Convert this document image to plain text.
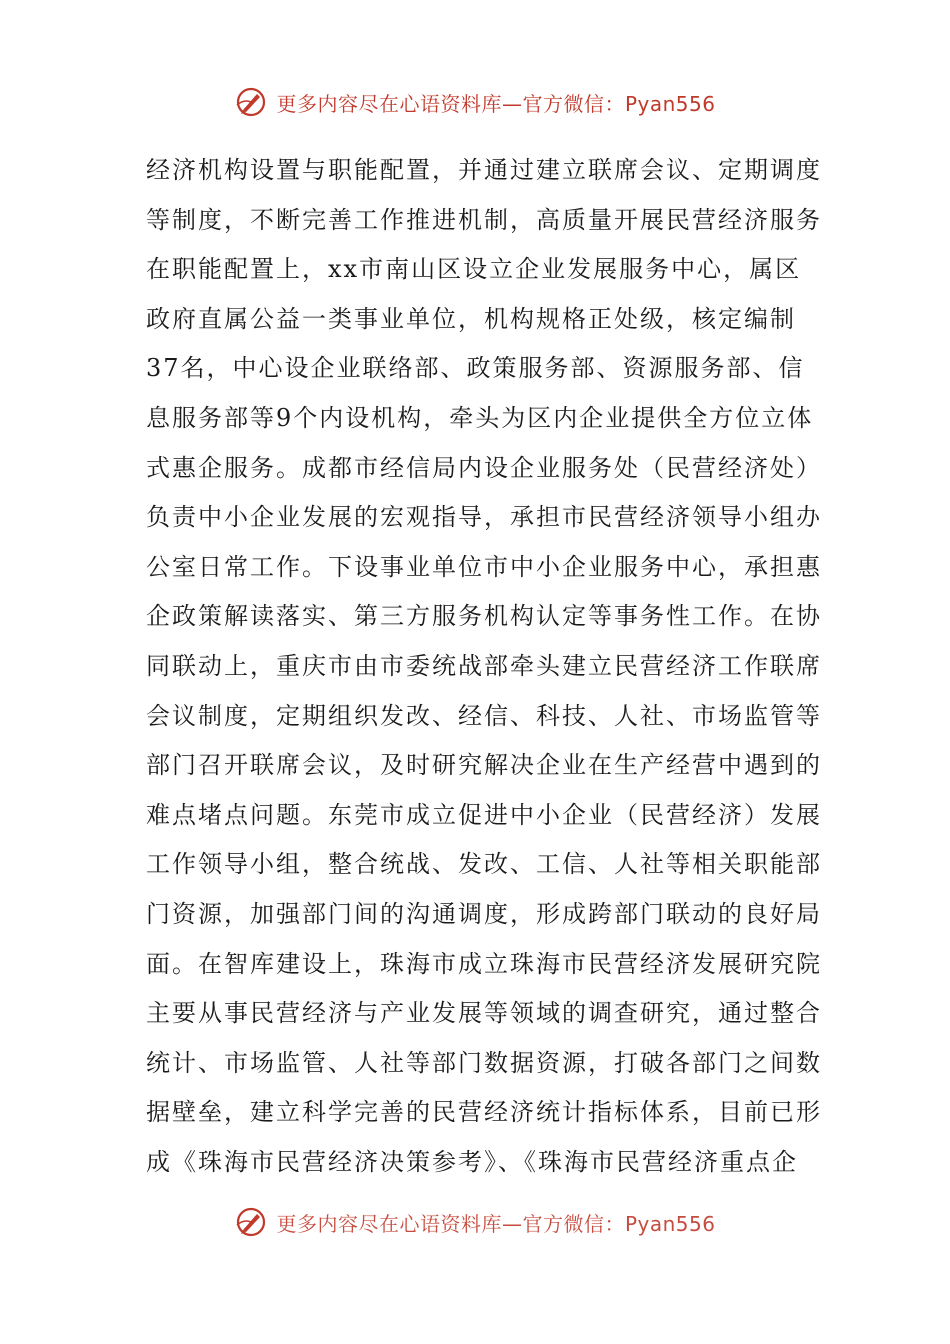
更多内容尽在心语资料库—官方微信：Pyan556
经济机构设置与职能配置，并通过建立联席会议、定期调度
等制度，不断完善工作推进机制，高质量开展民营经济服务
在职能配置上，xx市南山区设立企业发展服务中心，属区
政府直属公益一类事业单位，机构规格正处级，核定编制
37名，中心设企业联络部、政策服务部、资源服务部、信
息服务部等9个内设机构，牵头为区内企业提供全方位立体
式惠企服务。成都市经信局内设企业服务处（民营经济处）
负责中小企业发展的宏观指导，承担市民营经济领导小组办
公室日常工作。下设事业单位市中小企业服务中心，承担惠
企政策解读落实、第三方服务机构认定等事务性工作。在协
同联动上，重庆市由市委统战部牵头建立民营经济工作联席
会议制度，定期组织发改、经信、科技、人社、市场监管等
部门召开联席会议，及时研究解决企业在生产经营中遇到的
难点堵点问题。东莞市成立促进中小企业（民营经济）发展
工作领导小组，整合统战、发改、工信、人社等相关职能部
门资源，加强部门间的沟通调度，形成跨部门联动的良好局
面。在智库建设上，珠海市成立珠海市民营经济发展研究院
主要从事民营经济与产业发展等领域的调查研究，通过整合
统计、市场监管、人社等部门数据资源，打破各部门之间数
据壁垒，建立科学完善的民营经济统计指标体系，目前已形
成《珠海市民营经济决策参考》、《珠海市民营经济重点企
更多内容尽在心语资料库—官方微信：Pyan556
